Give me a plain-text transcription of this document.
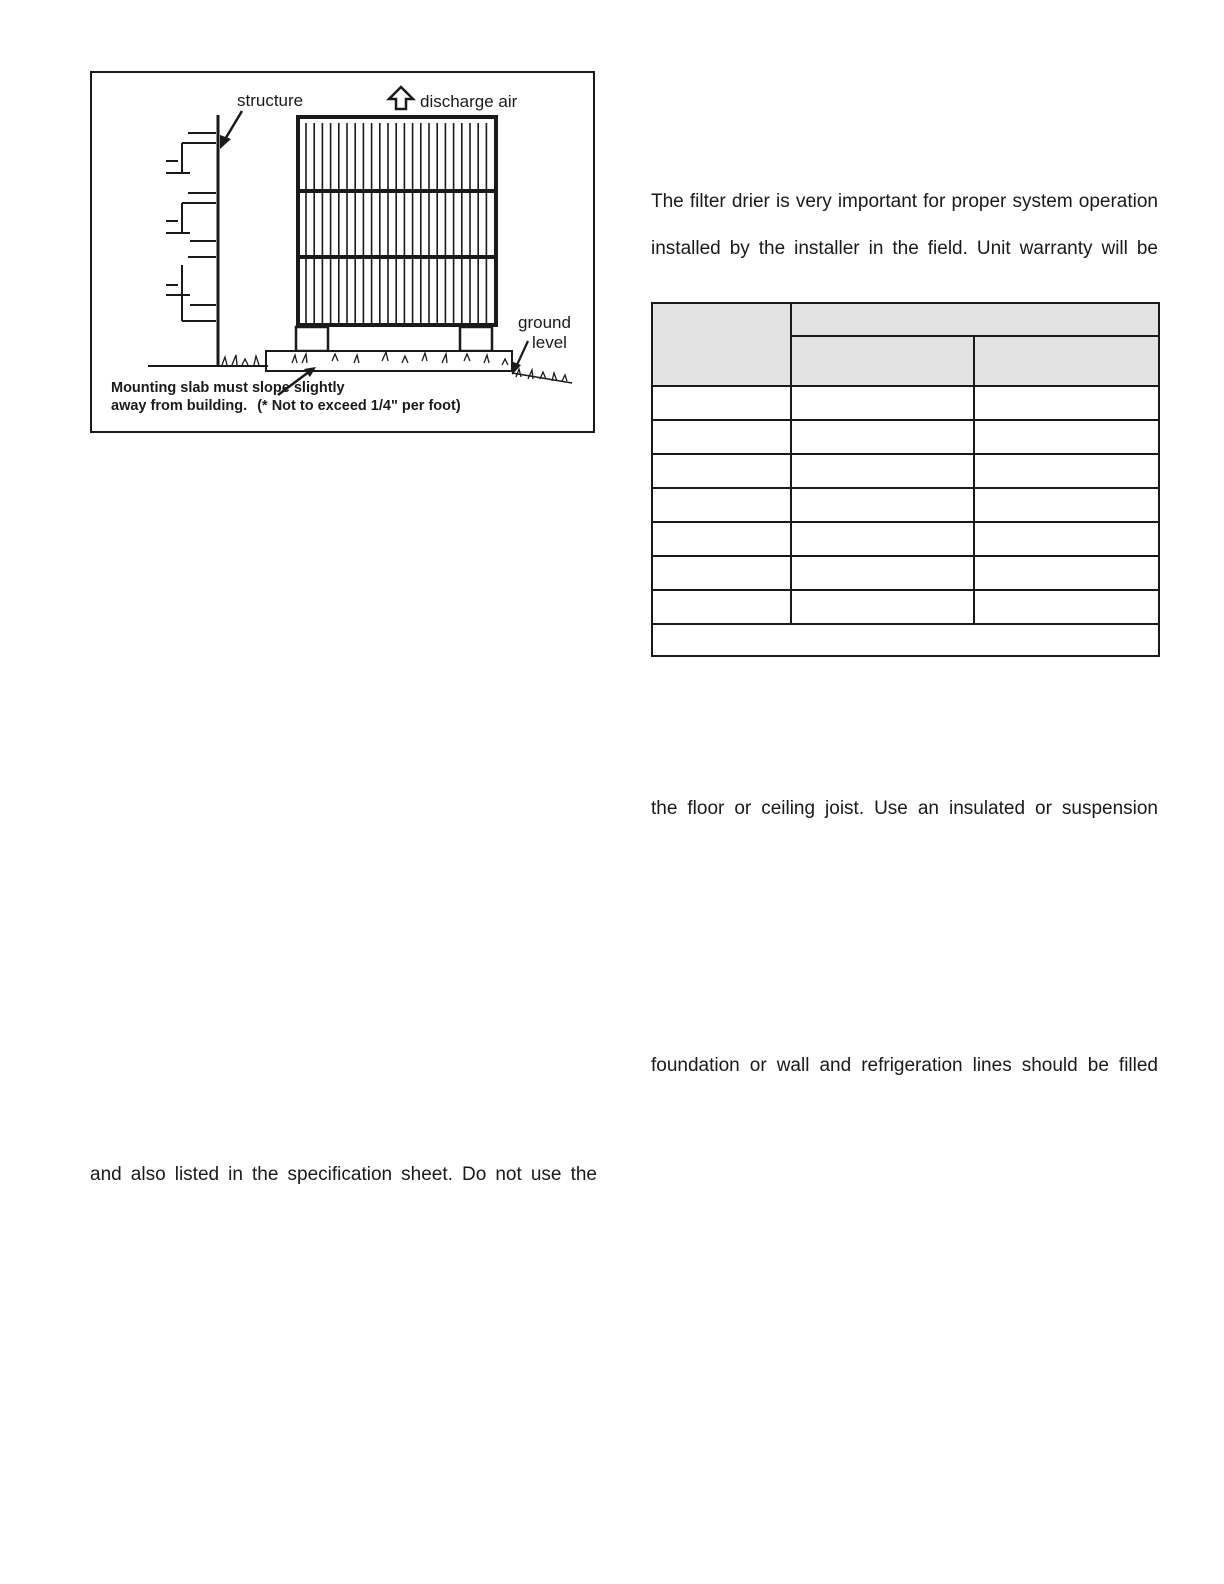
structure	discharge air
ground
level
Mounting slab must slope slightly
away from building. (* Not to exceed 1/4" per foot)
The filter drier is very important for proper system operation
installed by the installer in the field. Unit warranty will be

the floor or ceiling joist. Use an insulated or suspension
foundation or wall and refrigeration lines should be filled
and also listed in the specification sheet. Do not use the
